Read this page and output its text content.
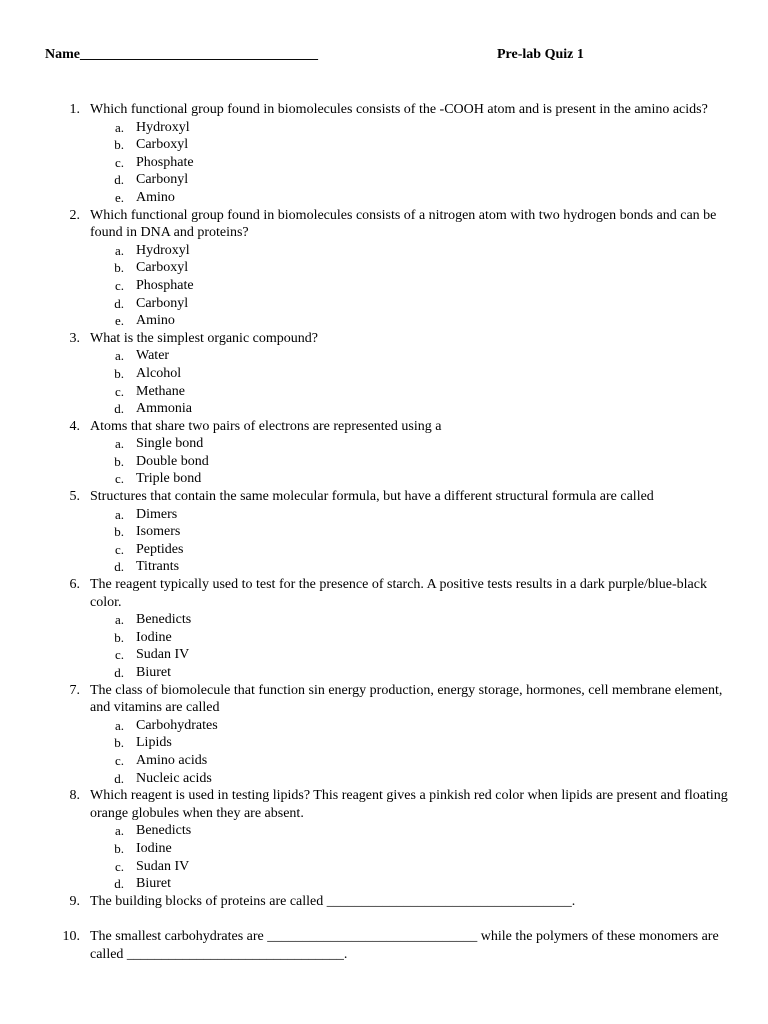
Name__________________________________	Pre-lab Quiz 1
1. Which functional group found in biomolecules consists of the -COOH atom and is present in the amino acids?
a. Hydroxyl
b. Carboxyl
c. Phosphate
d. Carbonyl
e. Amino
2. Which functional group found in biomolecules consists of a nitrogen atom with two hydrogen bonds and can be found in DNA and proteins?
a. Hydroxyl
b. Carboxyl
c. Phosphate
d. Carbonyl
e. Amino
3. What is the simplest organic compound?
a. Water
b. Alcohol
c. Methane
d. Ammonia
4. Atoms that share two pairs of electrons are represented using a
a. Single bond
b. Double bond
c. Triple bond
5. Structures that contain the same molecular formula, but have a different structural formula are called
a. Dimers
b. Isomers
c. Peptides
d. Titrants
6. The reagent typically used to test for the presence of starch. A positive tests results in a dark purple/blue-black color.
a. Benedicts
b. Iodine
c. Sudan IV
d. Biuret
7. The class of biomolecule that function sin energy production, energy storage, hormones, cell membrane element, and vitamins are called
a. Carbohydrates
b. Lipids
c. Amino acids
d. Nucleic acids
8. Which reagent is used in testing lipids? This reagent gives a pinkish red color when lipids are present and floating orange globules when they are absent.
a. Benedicts
b. Iodine
c. Sudan IV
d. Biuret
9. The building blocks of proteins are called ___________________________________.
10. The smallest carbohydrates are ______________________________ while the polymers of these monomers are called _______________________________.
